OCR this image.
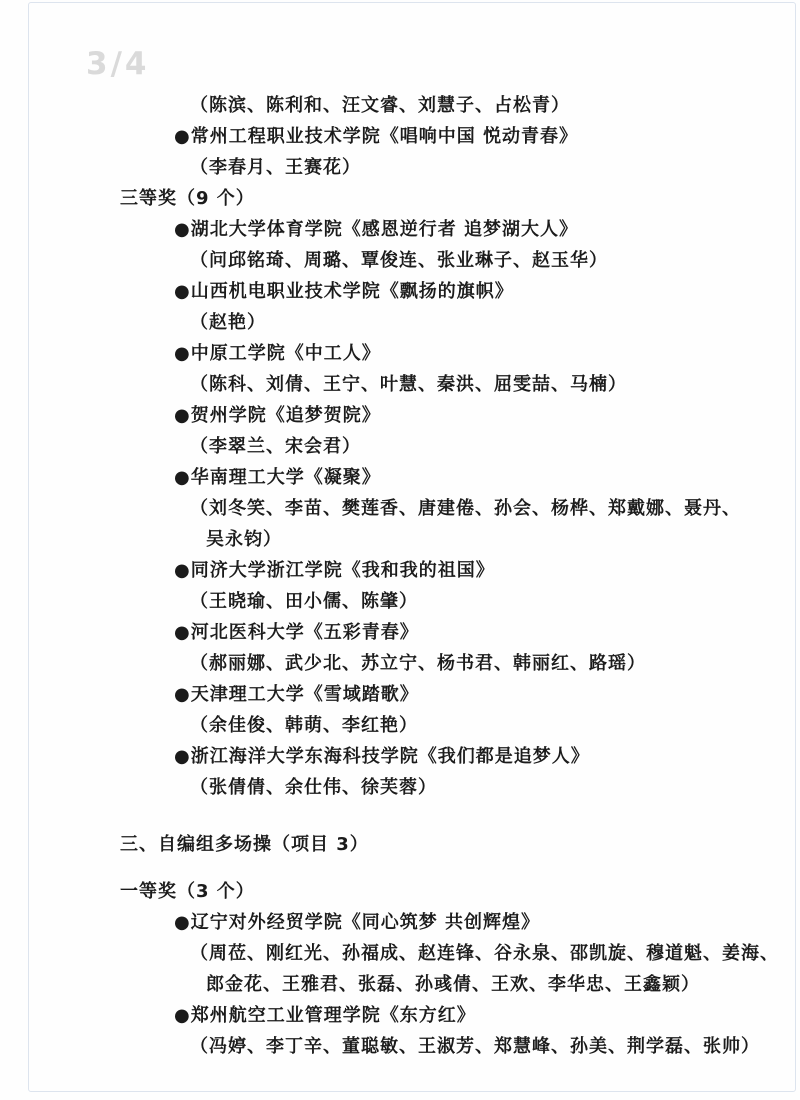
3/4
（陈滨、陈利和、汪文睿、刘慧子、占松青）
●常州工程职业技术学院《唱响中国 悦动青春》
（李春月、王赛花）
三等奖（9 个）
●湖北大学体育学院《感恩逆行者 追梦湖大人》
（问邱铭琦、周璐、覃俊连、张业琳子、赵玉华）
●山西机电职业技术学院《飘扬的旗帜》
（赵艳）
●中原工学院《中工人》
（陈科、刘倩、王宁、叶慧、秦洪、屈雯喆、马楠）
●贺州学院《追梦贺院》
（李翠兰、宋会君）
●华南理工大学《凝聚》
（刘冬笑、李苗、樊莲香、唐建倦、孙会、杨桦、郑戴娜、聂丹、
吴永钧）
●同济大学浙江学院《我和我的祖国》
（王晓瑜、田小儒、陈肇）
●河北医科大学《五彩青春》
（郝丽娜、武少北、苏立宁、杨书君、韩丽红、路瑶）
●天津理工大学《雪域踏歌》
（余佳俊、韩萌、李红艳）
●浙江海洋大学东海科技学院《我们都是追梦人》
（张倩倩、余仕伟、徐芙蓉）
三、自编组多场操（项目 3）
一等奖（3 个）
●辽宁对外经贸学院《同心筑梦 共创辉煌》
（周莅、刚红光、孙福成、赵连锋、谷永泉、邵凯旋、穆道魁、姜海、
郎金花、王雅君、张磊、孙彧倩、王欢、李华忠、王鑫颖）
●郑州航空工业管理学院《东方红》
（冯婷、李丁辛、董聪敏、王淑芳、郑慧峰、孙美、荆学磊、张帅）
